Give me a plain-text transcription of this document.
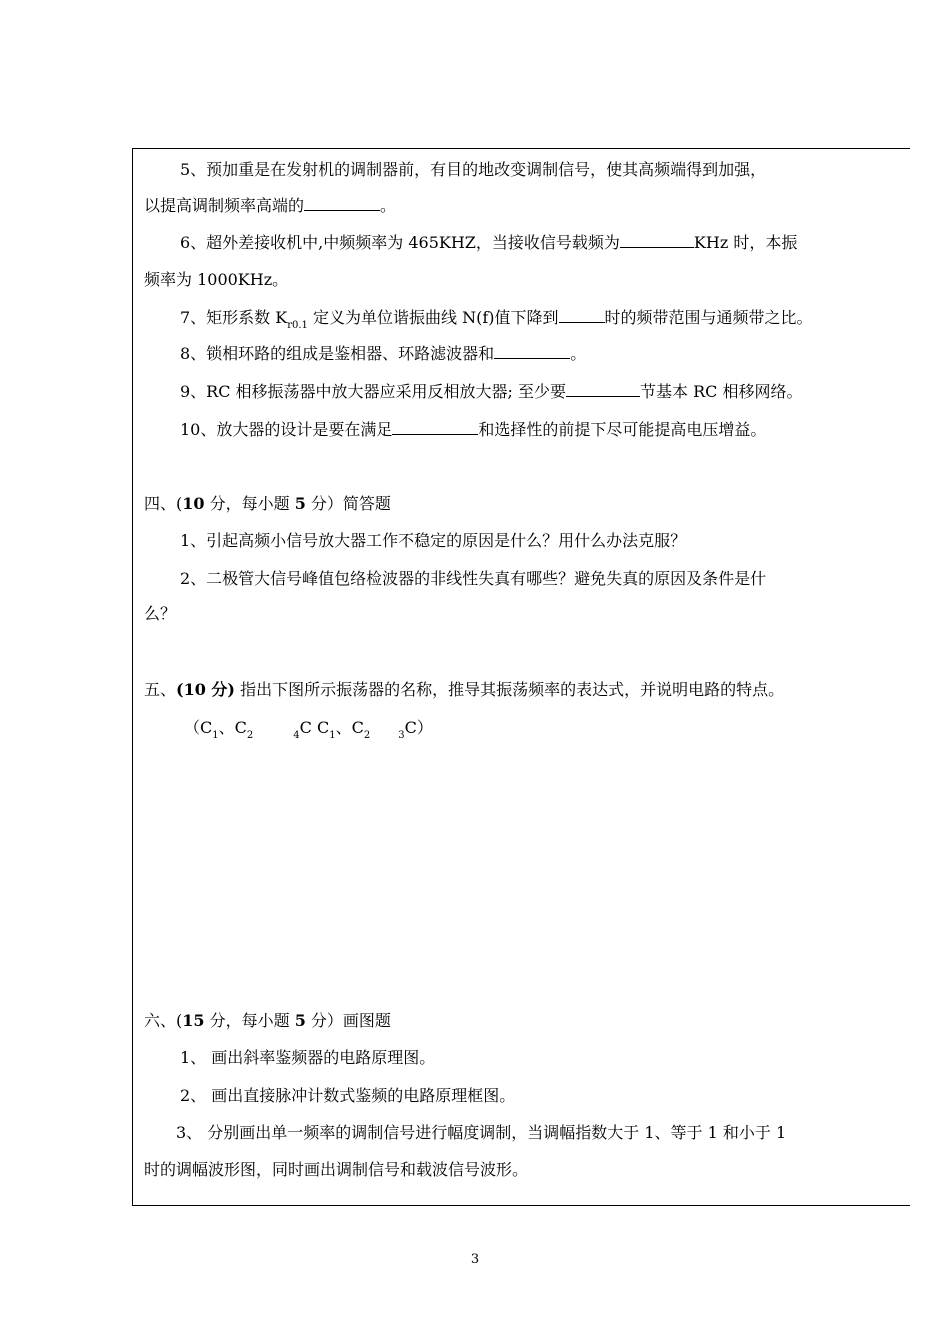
5、预加重是在发射机的调制器前，有目的地改变调制信号，使其高频端得到加强，
以提高调制频率高端的	。
6、超外差接收机中,中频频率为 465KHZ，当接收信号载频为	KHz 时，本振
频率为 1000KHz。
7、矩形系数 $K_{r0.1}$ 定义为单位谐振曲线 N(f)值下降到	时的频带范围与通频带之比。
8、锁相环路的组成是鉴相器、环路滤波器和	。
9、RC 相移振荡器中放大器应采用反相放大器; 至少要	节基本 RC 相移网络。
10、放大器的设计是要在满足	和选择性的前提下尽可能提高电压增益。
四、(10 分，每小题 5 分）简答题
1、引起高频小信号放大器工作不稳定的原因是什么？用什么办法克服？
2、二极管大信号峰值包络检波器的非线性失真有哪些？避免失真的原因及条件是什
么？
五、(10 分) 指出下图所示振荡器的名称，推导其振荡频率的表达式，并说明电路的特点。
（$C_1$、$C_2$	$_4$C $C_1$、$C_2$	$_3$C）
六、(15 分，每小题 5 分）画图题
1、 画出斜率鉴频器的电路原理图。
2、 画出直接脉冲计数式鉴频的电路原理框图。
3、 分别画出单一频率的调制信号进行幅度调制，当调幅指数大于 1、等于 1 和小于 1
时的调幅波形图，同时画出调制信号和载波信号波形。
3
